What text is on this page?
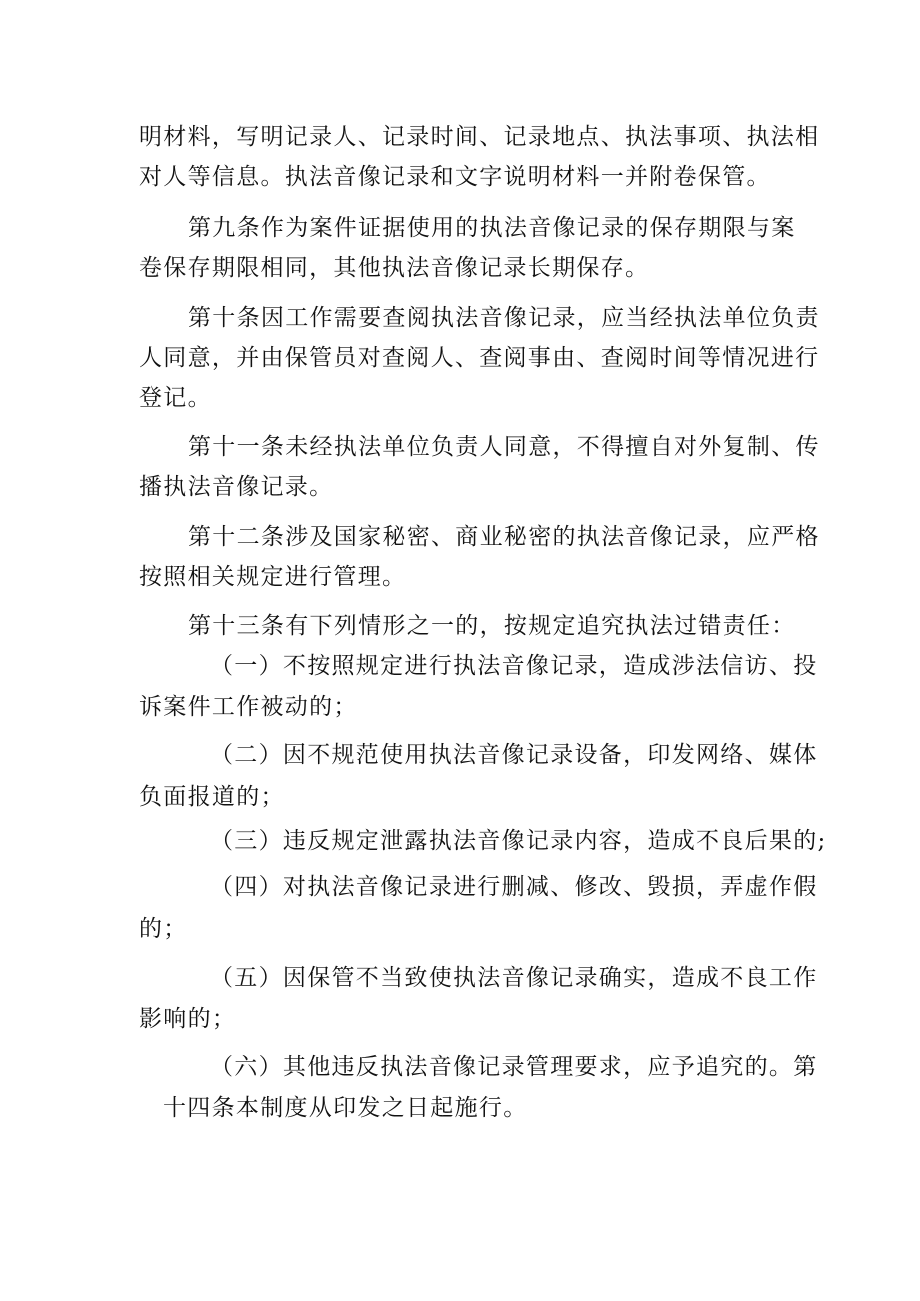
明材料，写明记录人、记录时间、记录地点、执法事项、执法相
对人等信息。执法音像记录和文字说明材料一并附卷保管。
第九条作为案件证据使用的执法音像记录的保存期限与案
卷保存期限相同，其他执法音像记录长期保存。
第十条因工作需要查阅执法音像记录，应当经执法单位负责
人同意，并由保管员对查阅人、查阅事由、查阅时间等情况进行
登记。
第十一条未经执法单位负责人同意，不得擅自对外复制、传
播执法音像记录。
第十二条涉及国家秘密、商业秘密的执法音像记录，应严格
按照相关规定进行管理。
第十三条有下列情形之一的，按规定追究执法过错责任：
（一）不按照规定进行执法音像记录，造成涉法信访、投
诉案件工作被动的；
（二）因不规范使用执法音像记录设备，印发网络、媒体
负面报道的；
（三）违反规定泄露执法音像记录内容，造成不良后果的;
（四）对执法音像记录进行删减、修改、毁损，弄虚作假
的；
（五）因保管不当致使执法音像记录确实，造成不良工作
影响的；
（六）其他违反执法音像记录管理要求，应予追究的。第
十四条本制度从印发之日起施行。
